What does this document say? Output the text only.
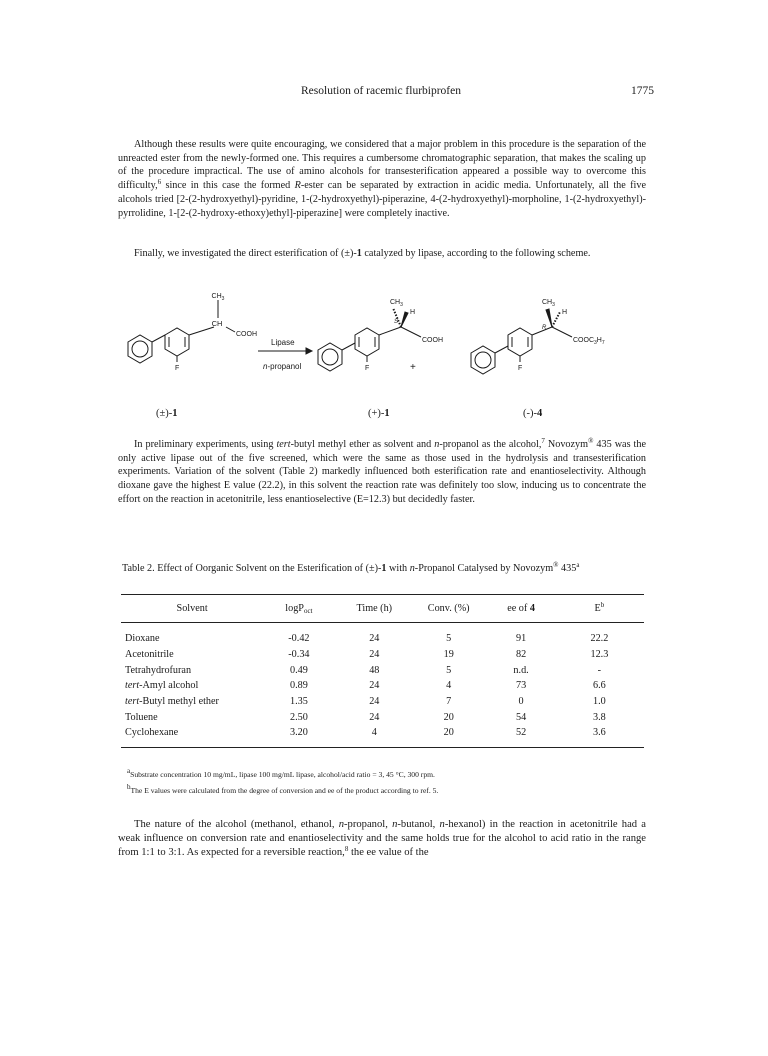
Resolution of racemic flurbiprofen	1775

Although these results were quite encouraging, we considered that a major problem in this procedure is the separation of the unreacted ester from the newly-formed one. This requires a cumbersome chromatographic separation, that makes the scaling up of the procedure impractical. The use of amino alcohols for transesterification appeared a possible way to overcome this difficulty,$^6$ since in this case the formed R-ester can be separated by extraction in acidic media. Unfortunately, all the five alcohols tried [2-(2-hydroxyethyl)-pyridine, 1-(2-hydroxyethyl)-piperazine, 4-(2-hydroxyethyl)-morpholine, 1-(2-hydroxyethyl)-pyrrolidine, 1-[2-(2-hydroxy-ethoxy)ethyl]-piperazine] were completely inactive.

Finally, we investigated the direct esterification of (±)-1 catalyzed by lipase, according to the following scheme.

$CH_3$
CH
COOH
F
Lipase
n-propanol
$CH_3$
H
S
COOH
F	+
$CH_3$
H
R
$COOC_3H_7$
F
(±)-1	(+)-1	(-)-4

In preliminary experiments, using tert-butyl methyl ether as solvent and n-propanol as the alcohol,$^7$ Novozym® 435 was the only active lipase out of the five screened, which were the same as those used in the hydrolysis and transesterification experiments. Variation of the solvent (Table 2) markedly influenced both esterification rate and enantioselectivity. Although dioxane gave the highest E value (22.2), in this solvent the reaction rate was definitely too slow, inducing us to concentrate the effort on the reaction in acetonitrile, less enantioselective (E=12.3) but decidedly faster.

Table 2. Effect of Oorganic Solvent on the Esterification of (±)-1 with n-Propanol Catalysed by Novozym® 435$^a$

Solvent	logP$_{oct}$	Time (h)	Conv. (%)	ee of 4	$E^b$
Dioxane	-0.42	24	5	91	22.2
Acetonitrile	-0.34	24	19	82	12.3
Tetrahydrofuran	0.49	48	5	n.d.	-
tert-Amyl alcohol	0.89	24	4	73	6.6
tert-Butyl methyl ether	1.35	24	7	0	1.0
Toluene	2.50	24	20	54	3.8
Cyclohexane	3.20	4	20	52	3.6

$^a$Substrate concentration 10 mg/mL, lipase 100 mg/mL lipase, alcohol/acid ratio = 3, 45 °C, 300 rpm.

$^b$The E values were calculated from the degree of conversion and ee of the product according to ref. 5.

The nature of the alcohol (methanol, ethanol, n-propanol, n-butanol, n-hexanol) in the reaction in acetonitrile had a weak influence on conversion rate and enantioselectivity and the same holds true for the alcohol to acid ratio in the range from 1:1 to 3:1. As expected for a reversible reaction,$^8$ the ee value of the
